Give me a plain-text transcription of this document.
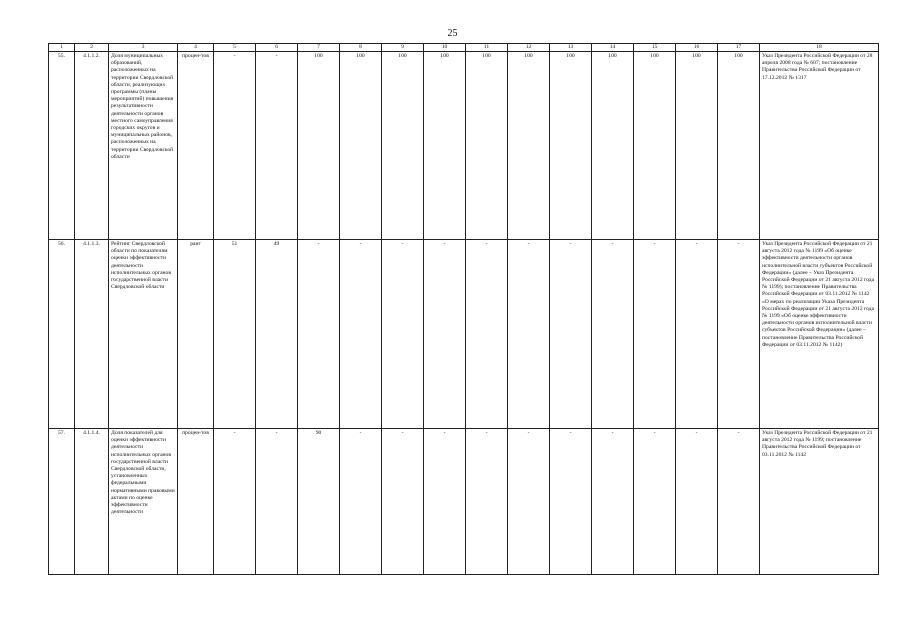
25
1	2	3	4	5	6	7	8	9	10	11	12	13	14	15	16	17	18
55.	4.1.1.2.	Доля муниципальных образований, расположенных на территории Свердловской области, реализующих программы (планы мероприятий) повышения результативности деятельности органов местного самоуправления городских округов и муниципальных районов, расположенных на территории Свердловской области	процен-тов	-	-	100	100	100	100	100	100	100	100	100	100	100	Указ Президента Российской Федерации от 28 апреля 2008 года № 607; постановление Правительства Российской Федерации от 17.12.2012 № 1317
56.	4.1.1.3.	Рейтинг Свердловской области по показателям оценки эффективности деятельности исполнительных органов государственной власти Свердловской области	ранг	51	49	-	-	-	-	-	-	-	-	-	-	-	Указ Президента Российской Федерации от 21 августа 2012 года № 1199 «Об оценке эффективности деятельности органов исполнительной власти субъектов Российской Федерации» (далее – Указ Президента Российской Федерации от 21 августа 2012 года № 1199); постановление Правительства Российской Федерации от 03.11.2012 № 1142 «О мерах по реализации Указа Президента Российской Федерации от 21 августа 2012 года № 1199 «Об оценке эффективности деятельности органов исполнительной власти субъектов Российской Федерации» (далее – постановление Правительства Российской Федерации от 03.11.2012 № 1142)
57.	4.1.1.4.	Доля показателей для оценки эффективности деятельности исполнительных органов государственной власти Свердловской области, установленных федеральными нормативными правовыми актами по оценке эффективности деятельности	процен-тов	-	-	90	-	-	-	-	-	-	-	-	-	-	Указ Президента Российской Федерации от 21 августа 2012 года № 1199; постановление Правительства Российской Федерации от 03.11.2012 № 1142
